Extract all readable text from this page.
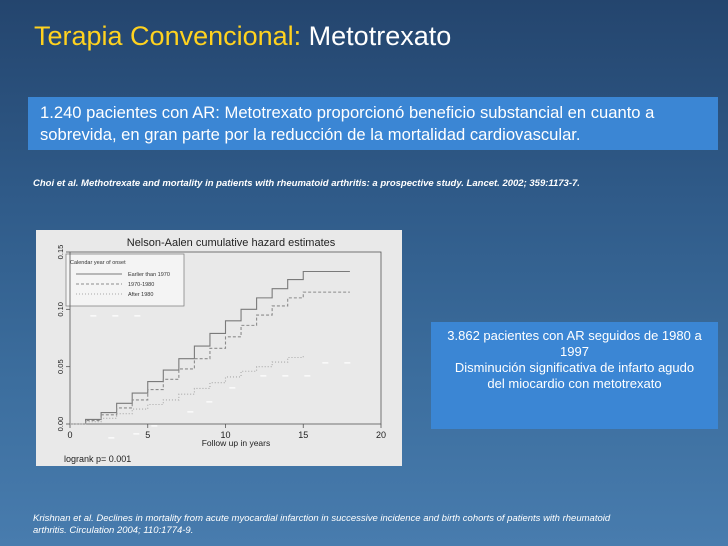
Terapia Convencional: Metotrexato
1.240 pacientes con AR: Metotrexato proporcionó beneficio substancial en cuanto a sobrevida, en gran parte por la reducción de la mortalidad cardiovascular.
Choi et al. Methotrexate and mortality in patients with rheumatoid arthritis: a prospective study. Lancet. 2002; 359:1173-7.
Nelson-Aalen cumulative hazard estimates
Calendar year of onset
logrank p= 0.001
Follow up in years
0	5	10	15	20
0.00
0.05
0.10
0.15
Earlier than 1970
1970-1980
After 1980
– – –
– – –
– –
–
–
–
–
–
–

3.862 pacientes con AR seguidos de 1980 a 1997

Disminución significativa de infarto agudo del miocardio con metotrexato

Krishnan et al. Declines in mortality from acute myocardial infarction in successive incidence and birth cohorts of patients with rheumatoid arthritis. Circulation 2004; 110:1774-9.
